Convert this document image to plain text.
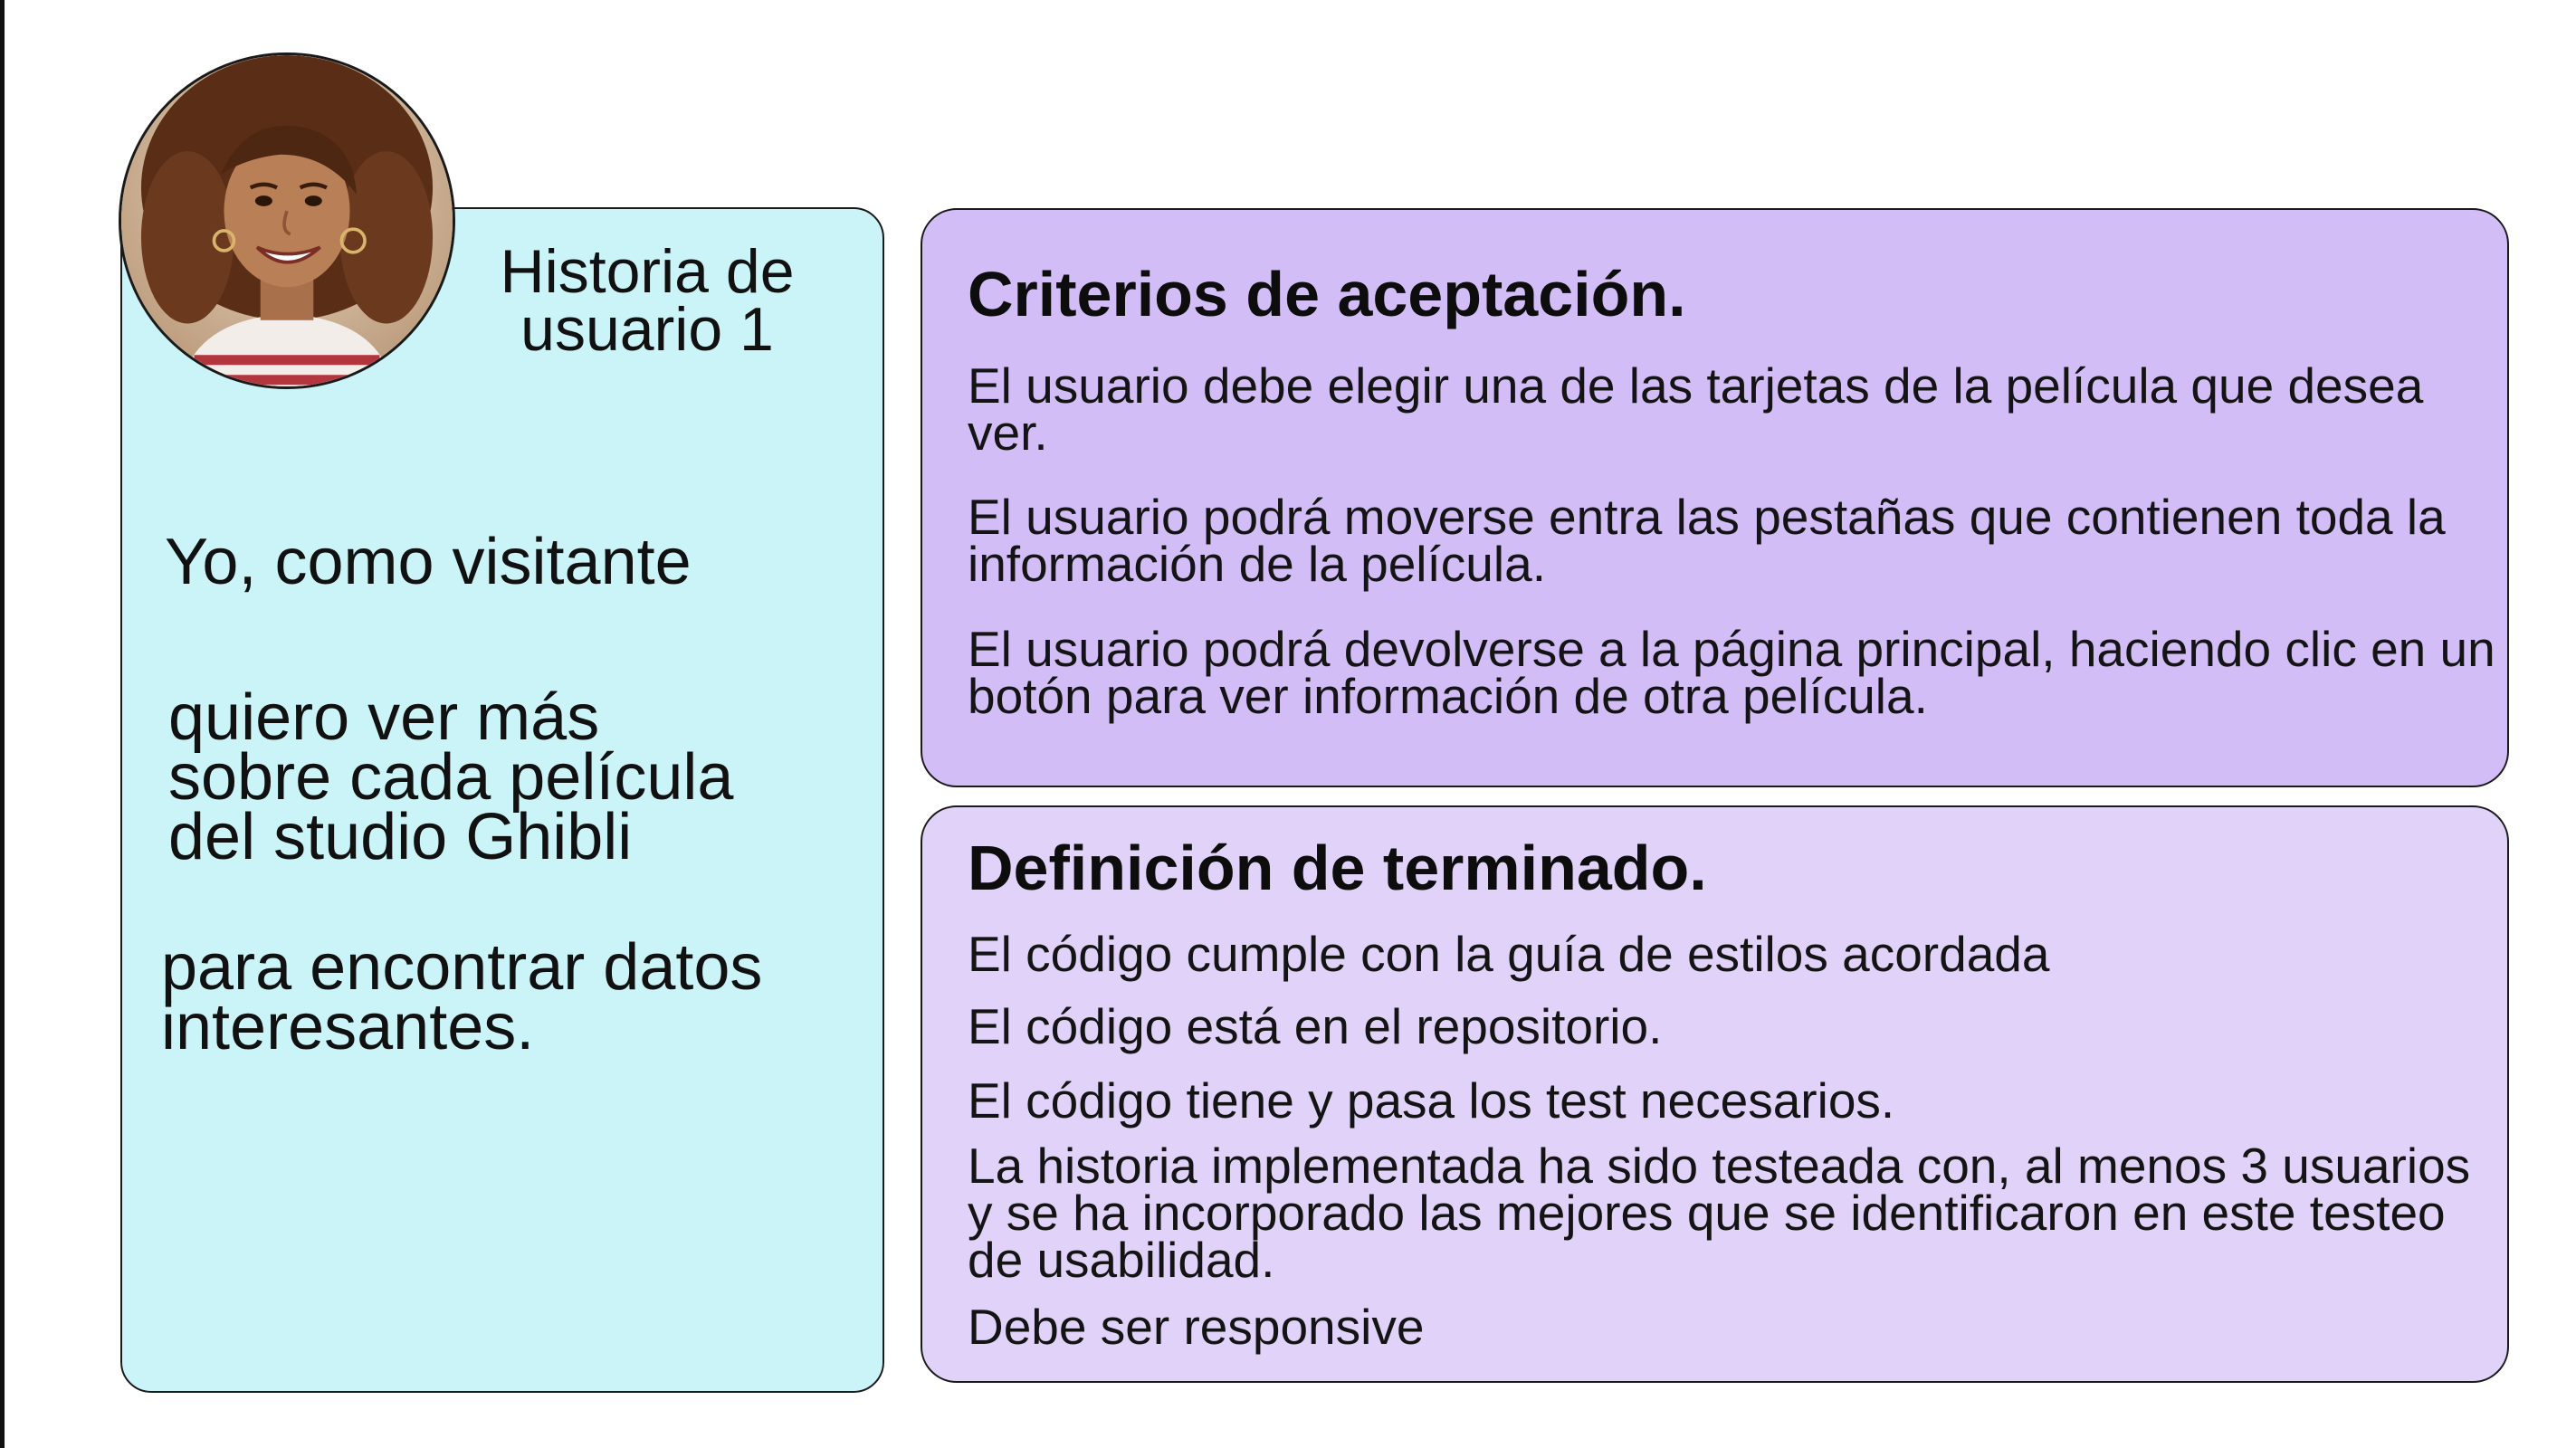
Historia de
usuario 1
Yo, como visitante
quiero ver más
sobre cada película
del studio Ghibli
para encontrar datos
interesantes.
Criterios de aceptación.

El usuario debe elegir una de las tarjetas de la película que desea ver.

El usuario podrá moverse entra las pestañas que contienen toda la información de la película.

El usuario podrá devolverse a la página principal, haciendo clic en un botón para ver información de otra película.

Definición de terminado.

El código cumple con la guía de estilos acordada

El código está en el repositorio.

El código tiene y pasa los test necesarios.

La historia implementada ha sido testeada con, al menos 3 usuarios y se ha incorporado las mejores que se identificaron en este testeo de usabilidad.

Debe ser responsive
